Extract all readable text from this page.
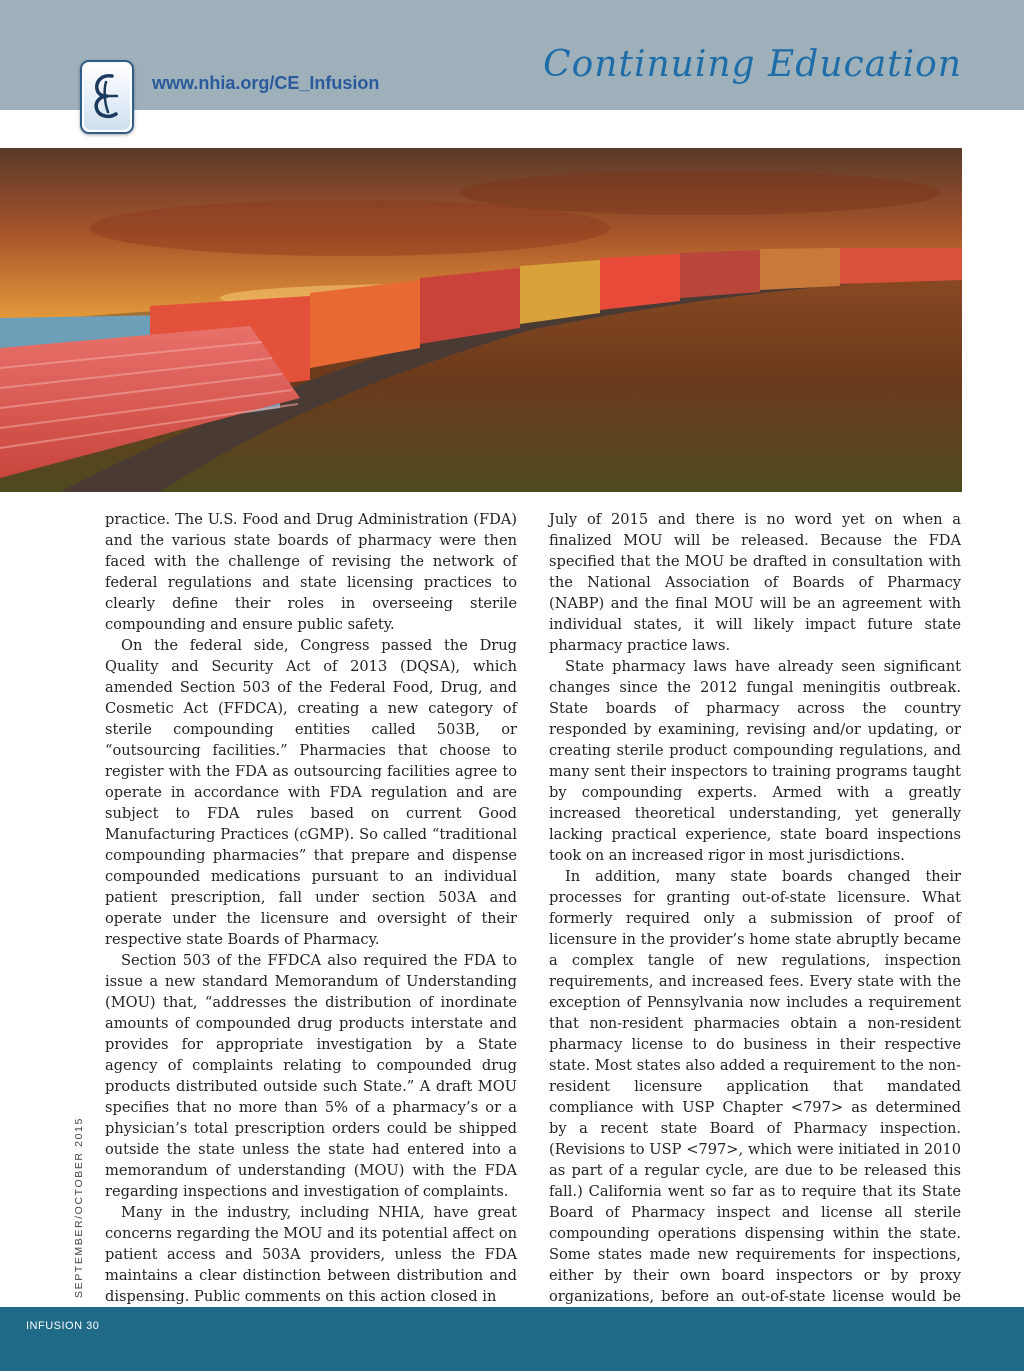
www.nhia.org/CE_Infusion	Continuing Education

practice. The U.S. Food and Drug Administration (FDA) and the various state boards of pharmacy were then faced with the challenge of revising the network of federal regulations and state licensing practices to clearly define their roles in overseeing sterile compounding and ensure public safety.

On the federal side, Congress passed the Drug Quality and Security Act of 2013 (DQSA), which amended Section 503 of the Federal Food, Drug, and Cosmetic Act (FFDCA), creating a new category of sterile compounding entities called 503B, or “outsourcing facilities.” Pharmacies that choose to register with the FDA as outsourcing facilities agree to operate in accordance with FDA regulation and are subject to FDA rules based on current Good Manufacturing Practices (cGMP). So called “traditional compounding pharmacies” that prepare and dispense compounded medications pursuant to an individual patient prescription, fall under section 503A and operate under the licensure and oversight of their respective state Boards of Pharmacy.

Section 503 of the FFDCA also required the FDA to issue a new standard Memorandum of Understanding (MOU) that, “addresses the distribution of inordinate amounts of compounded drug products interstate and provides for appropriate investigation by a State agency of complaints relating to compounded drug products distributed outside such State.” A draft MOU specifies that no more than 5% of a pharmacy’s or a physician’s total prescription orders could be shipped outside the state unless the state had entered into a memorandum of understanding (MOU) with the FDA regarding inspections and investigation of complaints.

Many in the industry, including NHIA, have great concerns regarding the MOU and its potential affect on patient access and 503A providers, unless the FDA maintains a clear distinction between distribution and dispensing. Public comments on this action closed in

July of 2015 and there is no word yet on when a finalized MOU will be released. Because the FDA specified that the MOU be drafted in consultation with the National Association of Boards of Pharmacy (NABP) and the final MOU will be an agreement with individual states, it will likely impact future state pharmacy practice laws.

State pharmacy laws have already seen significant changes since the 2012 fungal meningitis outbreak. State boards of pharmacy across the country responded by examining, revising and/or updating, or creating sterile product compounding regulations, and many sent their inspectors to training programs taught by compounding experts. Armed with a greatly increased theoretical understanding, yet generally lacking practical experience, state board inspections took on an increased rigor in most jurisdictions.

In addition, many state boards changed their processes for granting out-of-state licensure. What formerly required only a submission of proof of licensure in the provider’s home state abruptly became a complex tangle of new regulations, inspection requirements, and increased fees. Every state with the exception of Pennsylvania now includes a requirement that non-resident pharmacies obtain a non-resident pharmacy license to do business in their respective state. Most states also added a requirement to the non-resident licensure application that mandated compliance with USP Chapter <797> as determined by a recent state Board of Pharmacy inspection. (Revisions to USP <797>, which were initiated in 2010 as part of a regular cycle, are due to be released this fall.) California went so far as to require that its State Board of Pharmacy inspect and license all sterile compounding operations dispensing within the state. Some states made new requirements for inspections, either by their own board inspectors or by proxy organizations, before an out-of-state license would be

SEPTEMBER/OCTOBER 2015
INFUSION 30
